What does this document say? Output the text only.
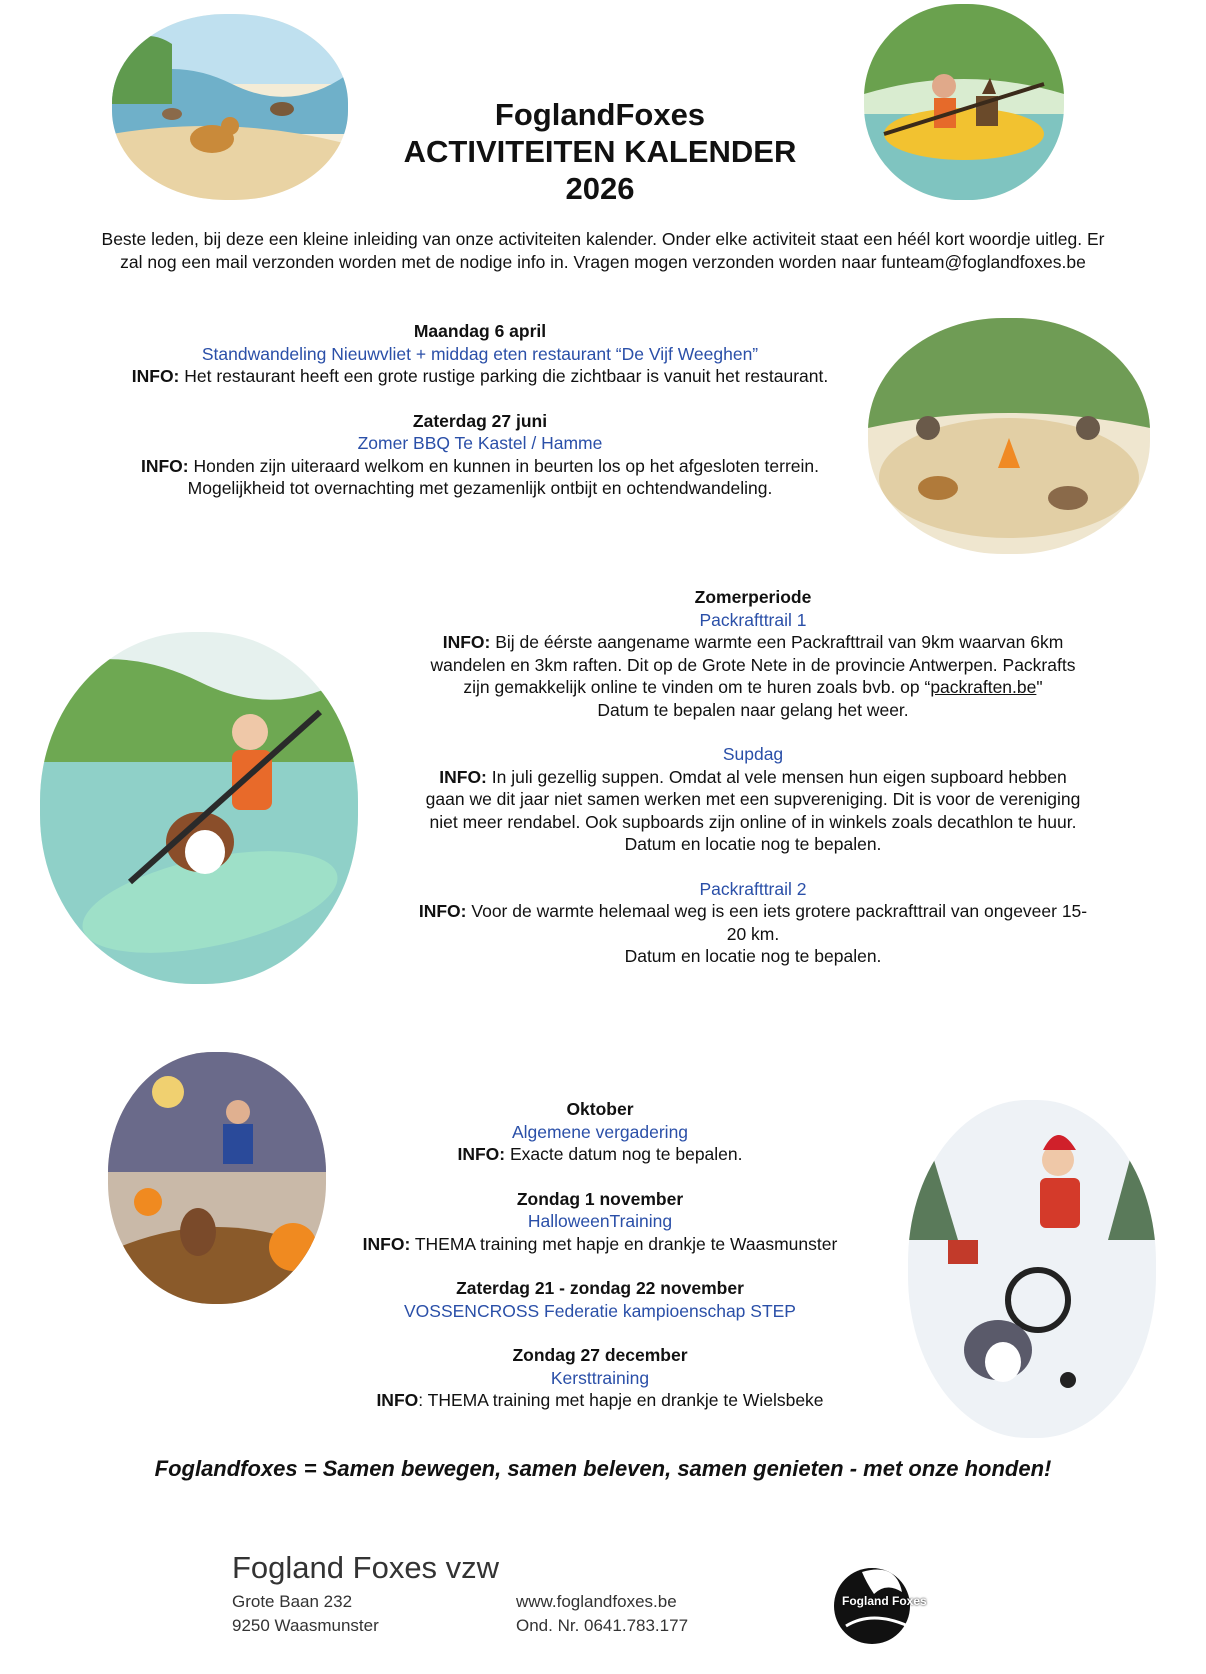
FoglandFoxes
ACTIVITEITEN KALENDER
2026
Beste leden, bij deze een kleine inleiding van onze activiteiten kalender. Onder elke activiteit staat een héél kort woordje uitleg. Er zal nog een mail verzonden worden met de nodige info in. Vragen mogen verzonden worden naar funteam@foglandfoxes.be
Maandag 6 april
Standwandeling Nieuwvliet + middag eten restaurant “De Vijf Weeghen”
INFO: Het restaurant heeft een grote rustige parking die zichtbaar is vanuit het restaurant.
Zaterdag 27 juni
Zomer BBQ Te Kastel / Hamme
INFO: Honden zijn uiteraard welkom en kunnen in beurten los op het afgesloten terrein.
Mogelijkheid tot overnachting met gezamenlijk ontbijt en ochtendwandeling.
Zomerperiode
Packrafttrail 1
INFO: Bij de éérste aangename warmte een Packrafttrail van 9km waarvan 6km wandelen en 3km raften. Dit op de Grote Nete in de provincie Antwerpen. Packrafts zijn gemakkelijk online te vinden om te huren zoals bvb. op “packraften.be"
Datum te bepalen naar gelang het weer.
Supdag
INFO: In juli gezellig suppen. Omdat al vele mensen hun eigen supboard hebben gaan we dit jaar niet samen werken met een supvereniging. Dit is voor de vereniging niet meer rendabel. Ook supboards zijn online of in winkels zoals decathlon te huur.
Datum en locatie nog te bepalen.
Packrafttrail 2
INFO: Voor de warmte helemaal weg is een iets grotere packrafttrail van ongeveer 15-20 km.
Datum en locatie nog te bepalen.
Oktober
Algemene vergadering
INFO: Exacte datum nog te bepalen.
Zondag 1 november
HalloweenTraining
INFO: THEMA training met hapje en drankje te Waasmunster
Zaterdag 21 - zondag 22 november
VOSSENCROSS Federatie kampioenschap STEP
Zondag 27 december
Kersttraining
INFO: THEMA training met hapje en drankje te Wielsbeke
Foglandfoxes = Samen bewegen, samen beleven, samen genieten - met onze honden!
Fogland Foxes vzw
Grote Baan 232
9250 Waasmunster
www.foglandfoxes.be
Ond. Nr. 0641.783.177
Fogland Foxes
